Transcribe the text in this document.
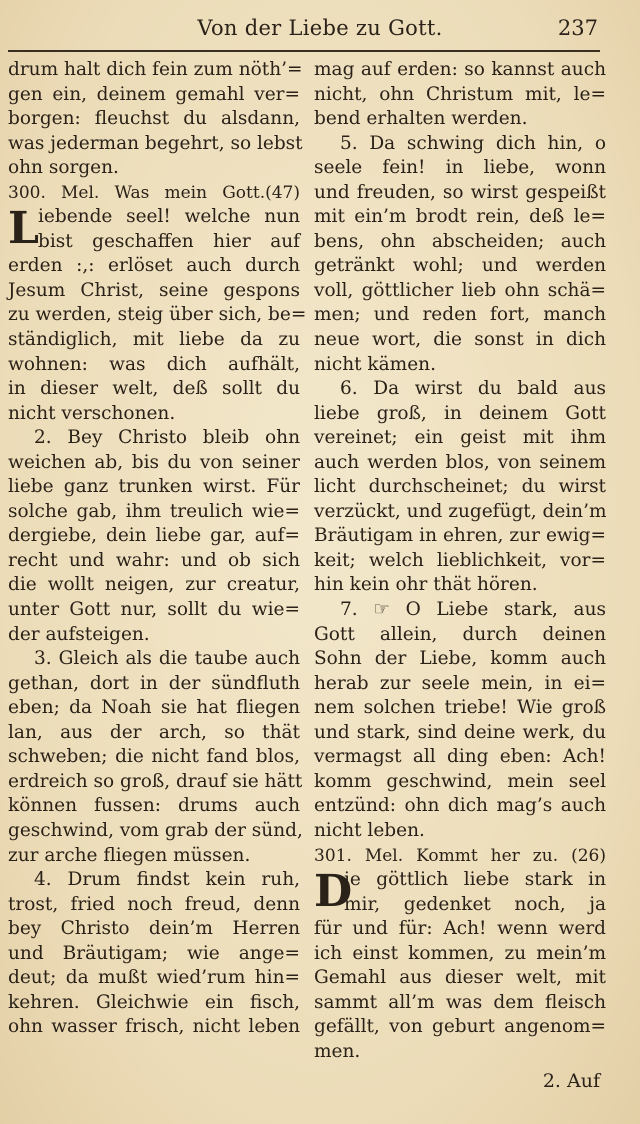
Von der Liebe zu Gott.	237
drum halt dich fein zum nöth’=
gen ein, deinem gemahl ver=
borgen: fleuchst du alsdann,
was jederman begehrt, so lebst
ohn sorgen.
300. Mel. Was mein Gott.(47)
L iebende seel! welche nun
bist geschaffen hier auf
erden :,: erlöset auch durch
Jesum Christ, seine gespons
zu werden, steig über sich, be=
ständiglich, mit liebe da zu
wohnen: was dich aufhält,
in dieser welt, deß sollt du
nicht verschonen.
2. Bey Christo bleib ohn
weichen ab, bis du von seiner
liebe ganz trunken wirst. Für
solche gab, ihm treulich wie=
dergiebe, dein liebe gar, auf=
recht und wahr: und ob sich
die wollt neigen, zur creatur,
unter Gott nur, sollt du wie=
der aufsteigen.
3. Gleich als die taube auch
gethan, dort in der sündfluth
eben; da Noah sie hat fliegen
lan, aus der arch, so thät
schweben; die nicht fand blos,
erdreich so groß, drauf sie hätt
können fussen: drums auch
geschwind, vom grab der sünd,
zur arche fliegen müssen.
4. Drum findst kein ruh,
trost, fried noch freud, denn
bey Christo dein’m Herren
und Bräutigam; wie ange=
deut; da mußt wied’rum hin=
kehren. Gleichwie ein fisch,
ohn wasser frisch, nicht leben
mag auf erden: so kannst auch
nicht, ohn Christum mit, le=
bend erhalten werden.
5. Da schwing dich hin, o
seele fein! in liebe, wonn
und freuden, so wirst gespeißt
mit ein’m brodt rein, deß le=
bens, ohn abscheiden; auch
getränkt wohl; und werden
voll, göttlicher lieb ohn schä=
men; und reden fort, manch
neue wort, die sonst in dich
nicht kämen.
6. Da wirst du bald aus
liebe groß, in deinem Gott
vereinet; ein geist mit ihm
auch werden blos, von seinem
licht durchscheinet; du wirst
verzückt, und zugefügt, dein’m
Bräutigam in ehren, zur ewig=
keit; welch lieblichkeit, vor=
hin kein ohr thät hören.
7. ☞ O Liebe stark, aus
Gott allein, durch deinen
Sohn der Liebe, komm auch
herab zur seele mein, in ei=
nem solchen triebe! Wie groß
und stark, sind deine werk, du
vermagst all ding eben: Ach!
komm geschwind, mein seel
entzünd: ohn dich mag’s auch
nicht leben.
301. Mel. Kommt her zu. (26)
D
ie göttlich liebe stark in
mir, gedenket noch, ja
für und für: Ach! wenn werd
ich einst kommen, zu mein’m
Gemahl aus dieser welt, mit
sammt all’m was dem fleisch
gefällt, von geburt angenom=
men.
2. Auf
